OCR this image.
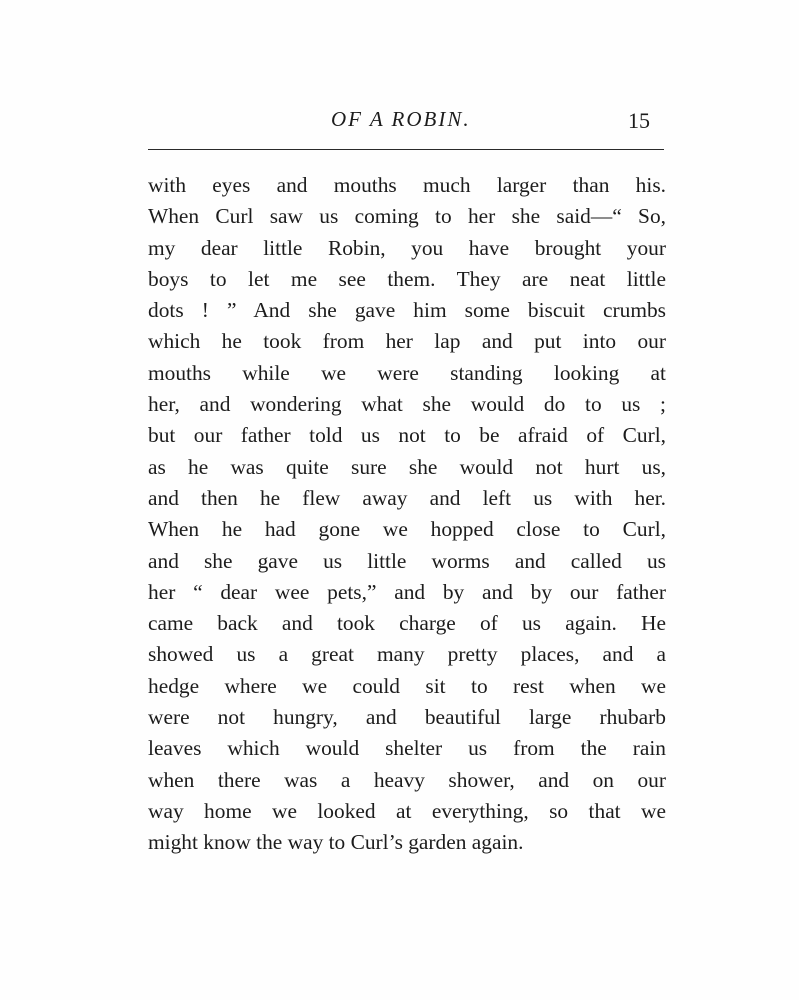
OF A ROBIN.	15
with eyes and mouths much larger than his.
When Curl saw us coming to her she said—“ So,
my dear little Robin, you have brought your
boys to let me see them. They are neat little
dots ! ” And she gave him some biscuit crumbs
which he took from her lap and put into our
mouths while we were standing looking at
her, and wondering what she would do to us ;
but our father told us not to be afraid of Curl,
as he was quite sure she would not hurt us,
and then he flew away and left us with her.
When he had gone we hopped close to Curl,
and she gave us little worms and called us
her “ dear wee pets,” and by and by our father
came back and took charge of us again. He
showed us a great many pretty places, and a
hedge where we could sit to rest when we
were not hungry, and beautiful large rhubarb
leaves which would shelter us from the rain
when there was a heavy shower, and on our
way home we looked at everything, so that we
might know the way to Curl’s garden again.
